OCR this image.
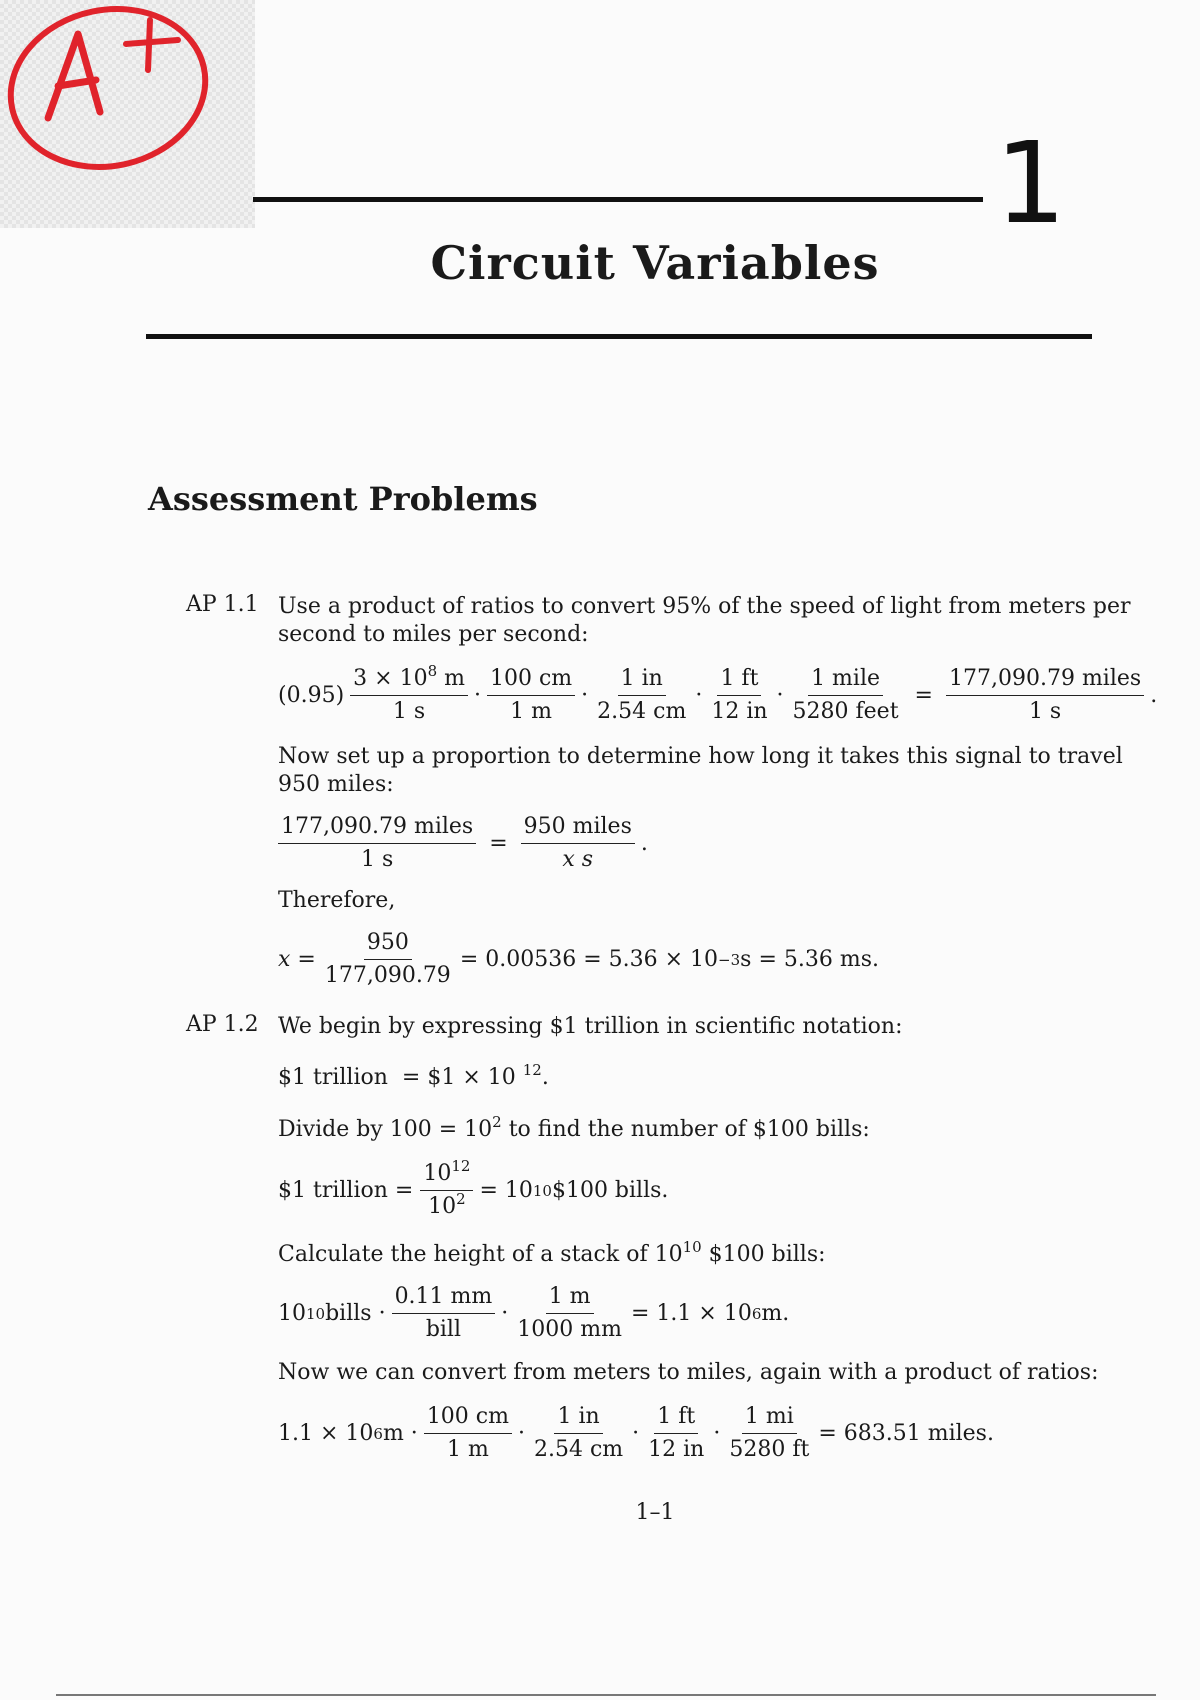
1
Circuit Variables
Assessment Problems
AP 1.1 Use a product of ratios to convert 95% of the speed of light from meters per
second to miles per second:
$(0.95) \frac{3 \times 10^8 m}{1 s} \cdot \frac{100 cm}{1 m} \cdot \frac{1 in}{2.54 cm} \cdot \frac{1 ft}{12 in} \cdot \frac{\text{1 mile}}{\text{5280 feet}} = \frac{\text{177,090.79 miles}}{1 s}$ .
Now set up a proportion to determine how long it takes this signal to travel
950 miles:
$\frac{\text{177,090.79 miles}}{1 s} = \frac{\text{950 miles}}{\text{x s}}$ .
Therefore,
$x = \frac{950}{177,090.79} = 0.00536 = 5.36 \times 10 -3$ s = 5.36 ms.
AP 1.2 We begin by expressing $1 trillion in scientific notation:
$1 trillion = $1 × 10 $^{12}$.
Divide by $100 = 10^2$ to find the number of $100 bills:
$1 trillion = $\frac{10^{12}}{10^2} = 10$ 10 $100 bills.
Calculate the height of a stack of $10^{10}$ $100 bills:
10 10 bills · $\frac{0.11 mm}{\text{bill}} \cdot \frac{1 m}{1000 mm} = 1.1 \times 10$ 6 m.
Now we can convert from meters to miles, again with a product of ratios:
1.1 × 10 6 $m \cdot \frac{100 cm}{1 m} \cdot \frac{1 in}{2.54 cm} \cdot \frac{1 ft}{12 in} \cdot \frac{1 mi}{5280 ft} = 683.51$ miles.
1–1
